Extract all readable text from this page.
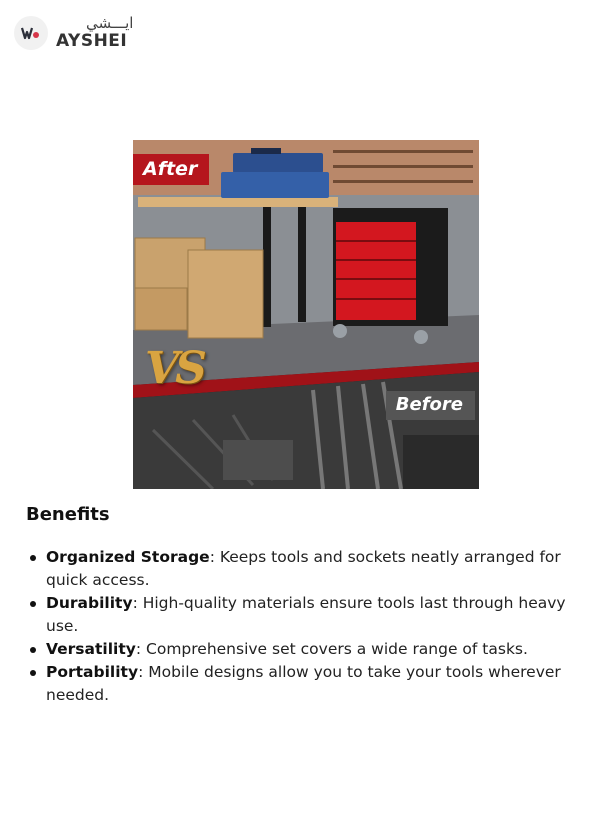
ايـــشي
AYSHEI
After
VS
Before
Benefits
Organized Storage: Keeps tools and sockets neatly arranged for quick access.
Durability: High-quality materials ensure tools last through heavy use.
Versatility: Comprehensive set covers a wide range of tasks.
Portability: Mobile designs allow you to take your tools wherever needed.
